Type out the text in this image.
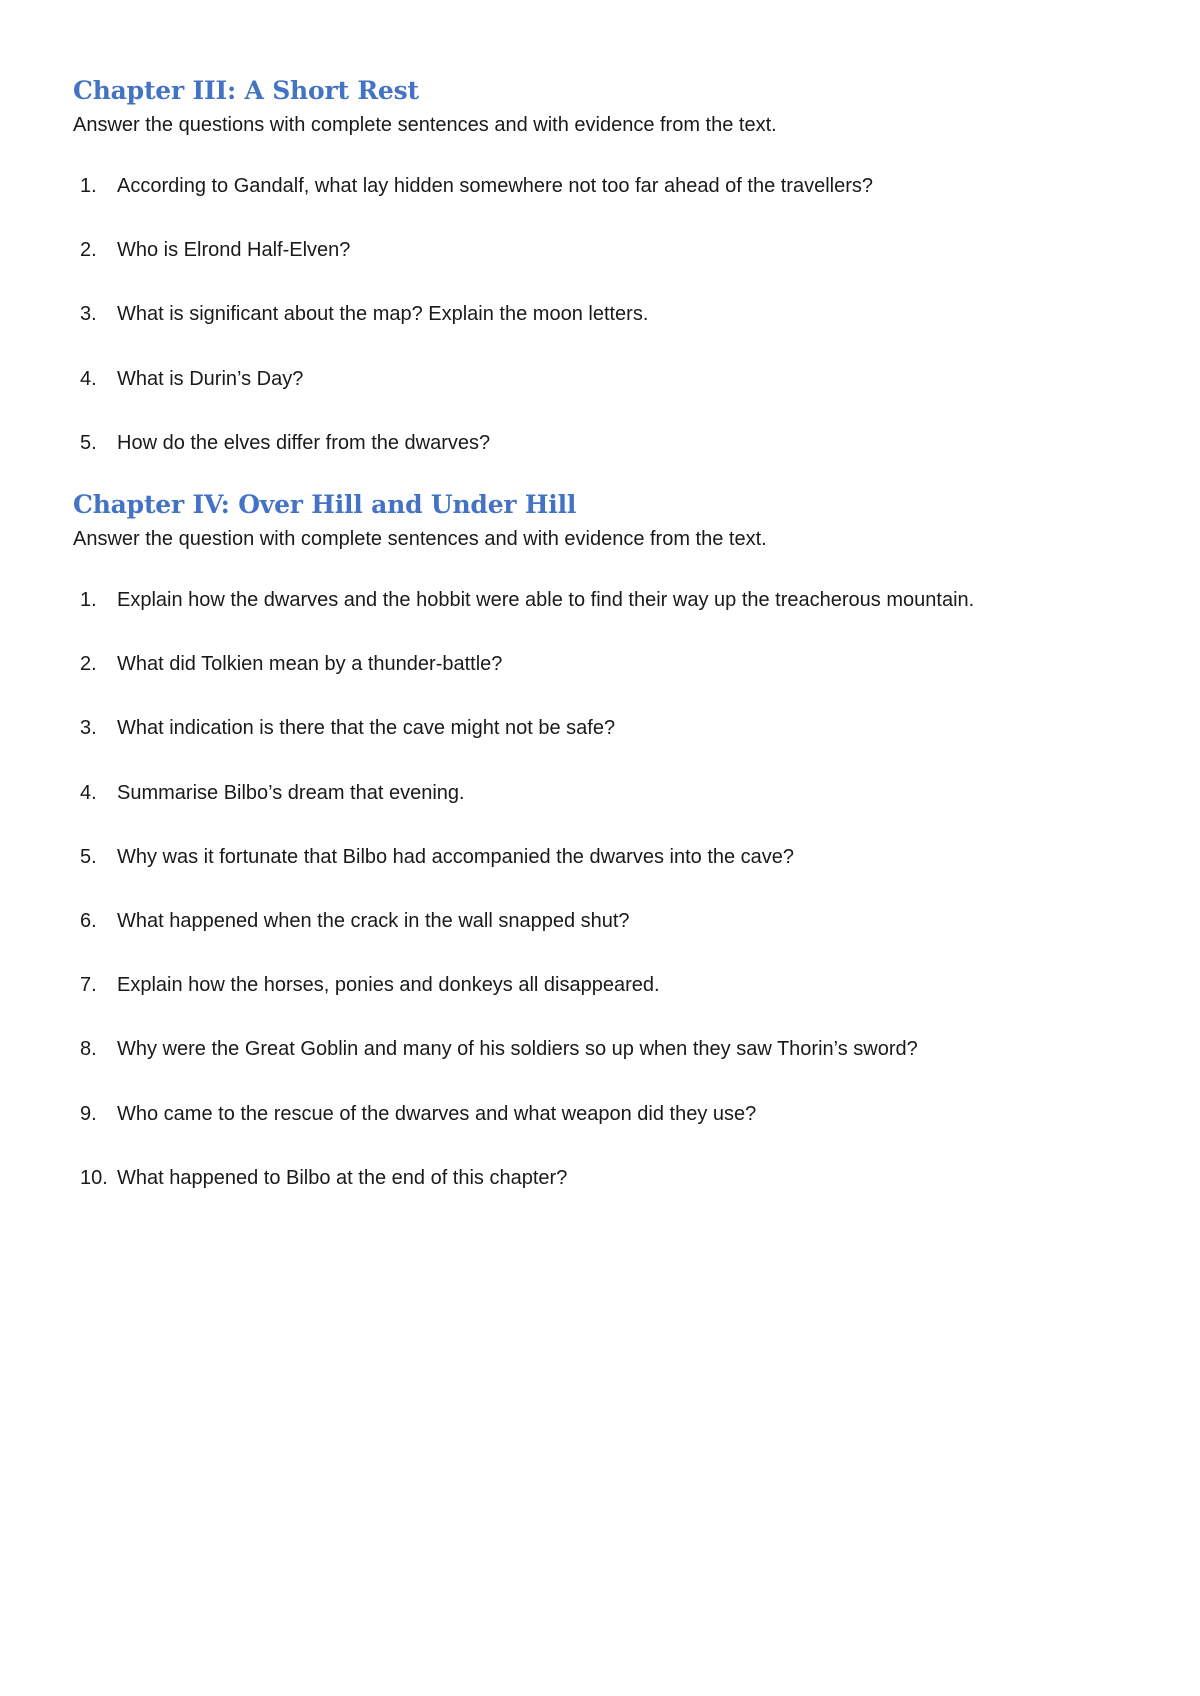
Chapter III: A Short Rest

Answer the questions with complete sentences and with evidence from the text.

1.	According to Gandalf, what lay hidden somewhere not too far ahead of the travellers?
2.	Who is Elrond Half-Elven?
3.	What is significant about the map? Explain the moon letters.
4.	What is Durin’s Day?
5.	How do the elves differ from the dwarves?
Chapter IV: Over Hill and Under Hill

Answer the question with complete sentences and with evidence from the text.

1.	Explain how the dwarves and the hobbit were able to find their way up the treacherous mountain.
2.	What did Tolkien mean by a thunder-battle?
3.	What indication is there that the cave might not be safe?
4.	Summarise Bilbo’s dream that evening.
5.	Why was it fortunate that Bilbo had accompanied the dwarves into the cave?
6.	What happened when the crack in the wall snapped shut?
7.	Explain how the horses, ponies and donkeys all disappeared.
8.	Why were the Great Goblin and many of his soldiers so up when they saw Thorin’s sword?
9.	Who came to the rescue of the dwarves and what weapon did they use?
10. What happened to Bilbo at the end of this chapter?
